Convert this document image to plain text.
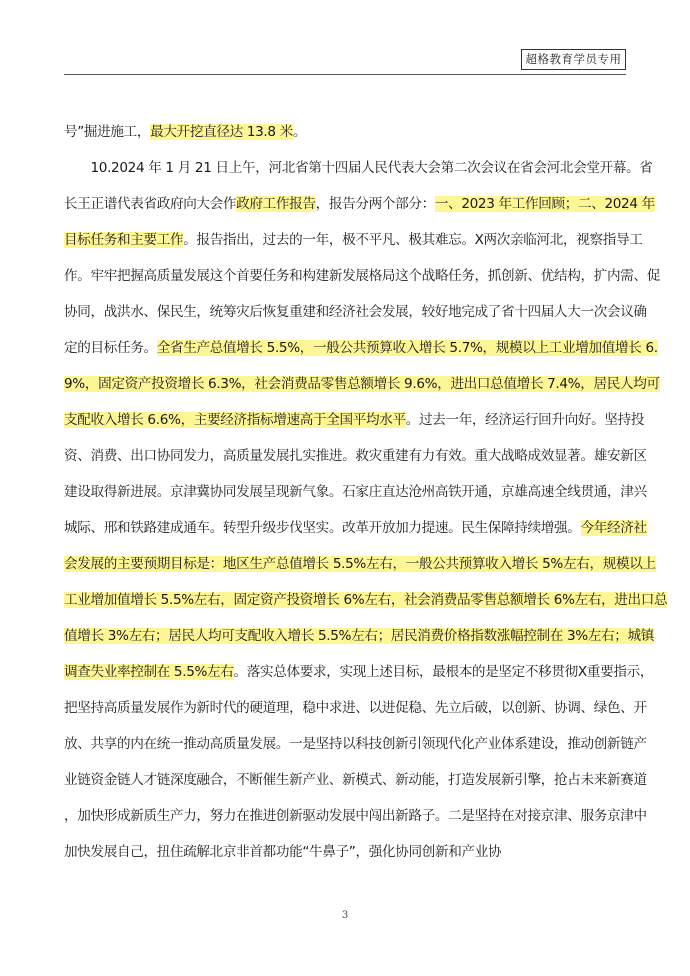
超格教育学员专用
号”掘进施工，最大开挖直径达 13.8 米。
　　10.2024 年 1 月 21 日上午，河北省第十四届人民代表大会第二次会议在省会河北会堂开幕。省
长王正谱代表省政府向大会作政府工作报告，报告分两个部分：一、2023 年工作回顾；二、2024 年
目标任务和主要工作。报告指出，过去的一年，极不平凡、极其难忘。X两次亲临河北，视察指导工
作。牢牢把握高质量发展这个首要任务和构建新发展格局这个战略任务，抓创新、优结构，扩内需、促
协同，战洪水、保民生，统筹灾后恢复重建和经济社会发展，较好地完成了省十四届人大一次会议确
定的目标任务。全省生产总值增长 5.5%，一般公共预算收入增长 5.7%，规模以上工业增加值增长 6.
9%，固定资产投资增长 6.3%，社会消费品零售总额增长 9.6%，进出口总值增长 7.4%，居民人均可
支配收入增长 6.6%，主要经济指标增速高于全国平均水平。过去一年，经济运行回升向好。坚持投
资、消费、出口协同发力，高质量发展扎实推进。救灾重建有力有效。重大战略成效显著。雄安新区
建设取得新进展。京津冀协同发展呈现新气象。石家庄直达沧州高铁开通，京雄高速全线贯通，津兴
城际、邢和铁路建成通车。转型升级步伐坚实。改革开放加力提速。民生保障持续增强。今年经济社
会发展的主要预期目标是：地区生产总值增长 5.5%左右，一般公共预算收入增长 5%左右，规模以上
工业增加值增长 5.5%左右，固定资产投资增长 6%左右，社会消费品零售总额增长 6%左右，进出口总
值增长 3%左右；居民人均可支配收入增长 5.5%左右；居民消费价格指数涨幅控制在 3%左右；城镇
调查失业率控制在 5.5%左右。落实总体要求，实现上述目标，最根本的是坚定不移贯彻X重要指示，
把坚持高质量发展作为新时代的硬道理，稳中求进、以进促稳、先立后破，以创新、协调、绿色、开
放、共享的内在统一推动高质量发展。一是坚持以科技创新引领现代化产业体系建设，推动创新链产
业链资金链人才链深度融合，不断催生新产业、新模式、新动能，打造发展新引擎，抢占未来新赛道
，加快形成新质生产力，努力在推进创新驱动发展中闯出新路子。二是坚持在对接京津、服务京津中
加快发展自己，扭住疏解北京非首都功能“牛鼻子”，强化协同创新和产业协
3
